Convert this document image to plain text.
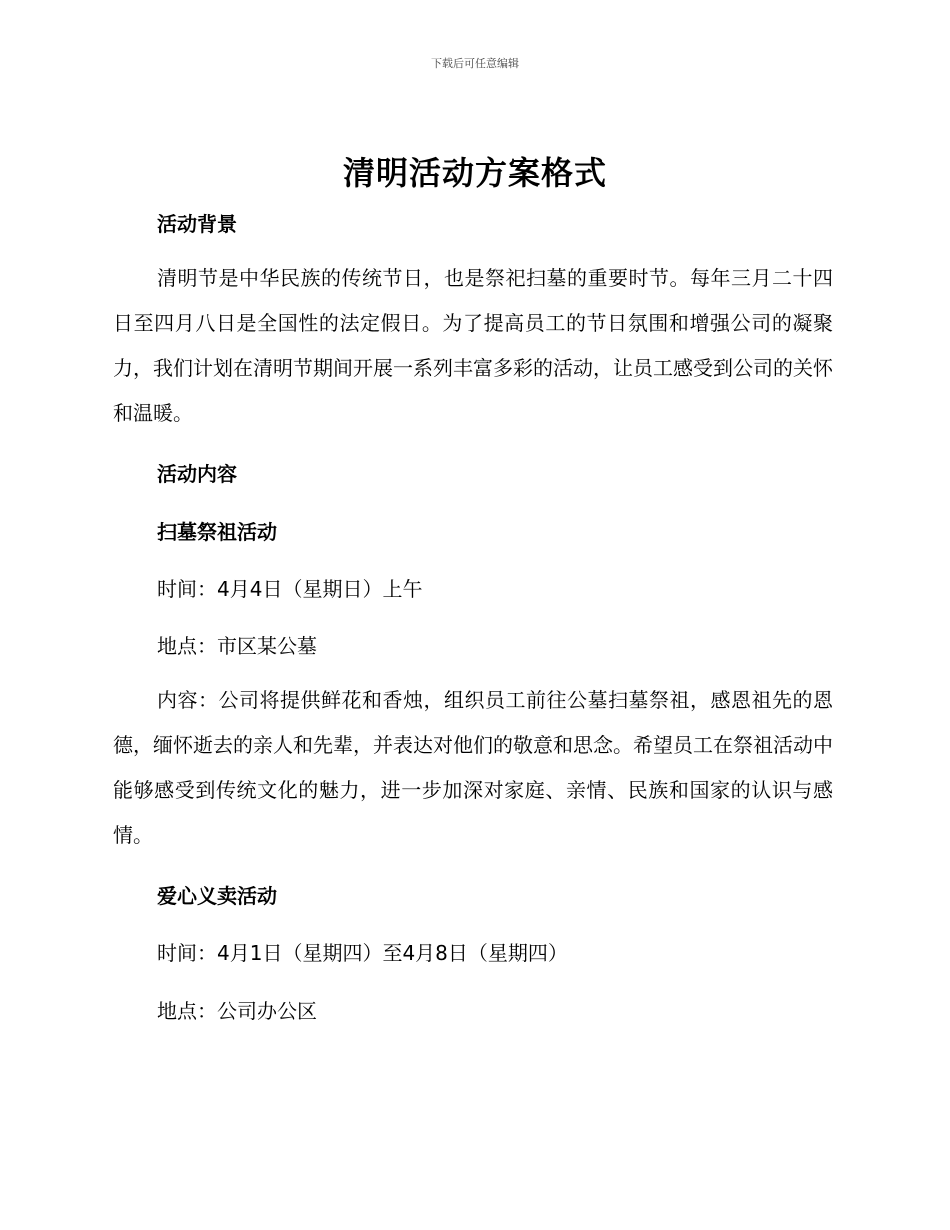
下载后可任意编辑
清明活动方案格式
活动背景
清明节是中华民族的传统节日，也是祭祀扫墓的重要时节。每年三月二十四日至四月八日是全国性的法定假日。为了提高员工的节日氛围和增强公司的凝聚力，我们计划在清明节期间开展一系列丰富多彩的活动，让员工感受到公司的关怀和温暖。
活动内容
扫墓祭祖活动
时间：4月4日（星期日）上午
地点：市区某公墓
内容：公司将提供鲜花和香烛，组织员工前往公墓扫墓祭祖，感恩祖先的恩德，缅怀逝去的亲人和先辈，并表达对他们的敬意和思念。希望员工在祭祖活动中能够感受到传统文化的魅力，进一步加深对家庭、亲情、民族和国家的认识与感情。
爱心义卖活动
时间：4月1日（星期四）至4月8日（星期四）
地点：公司办公区
